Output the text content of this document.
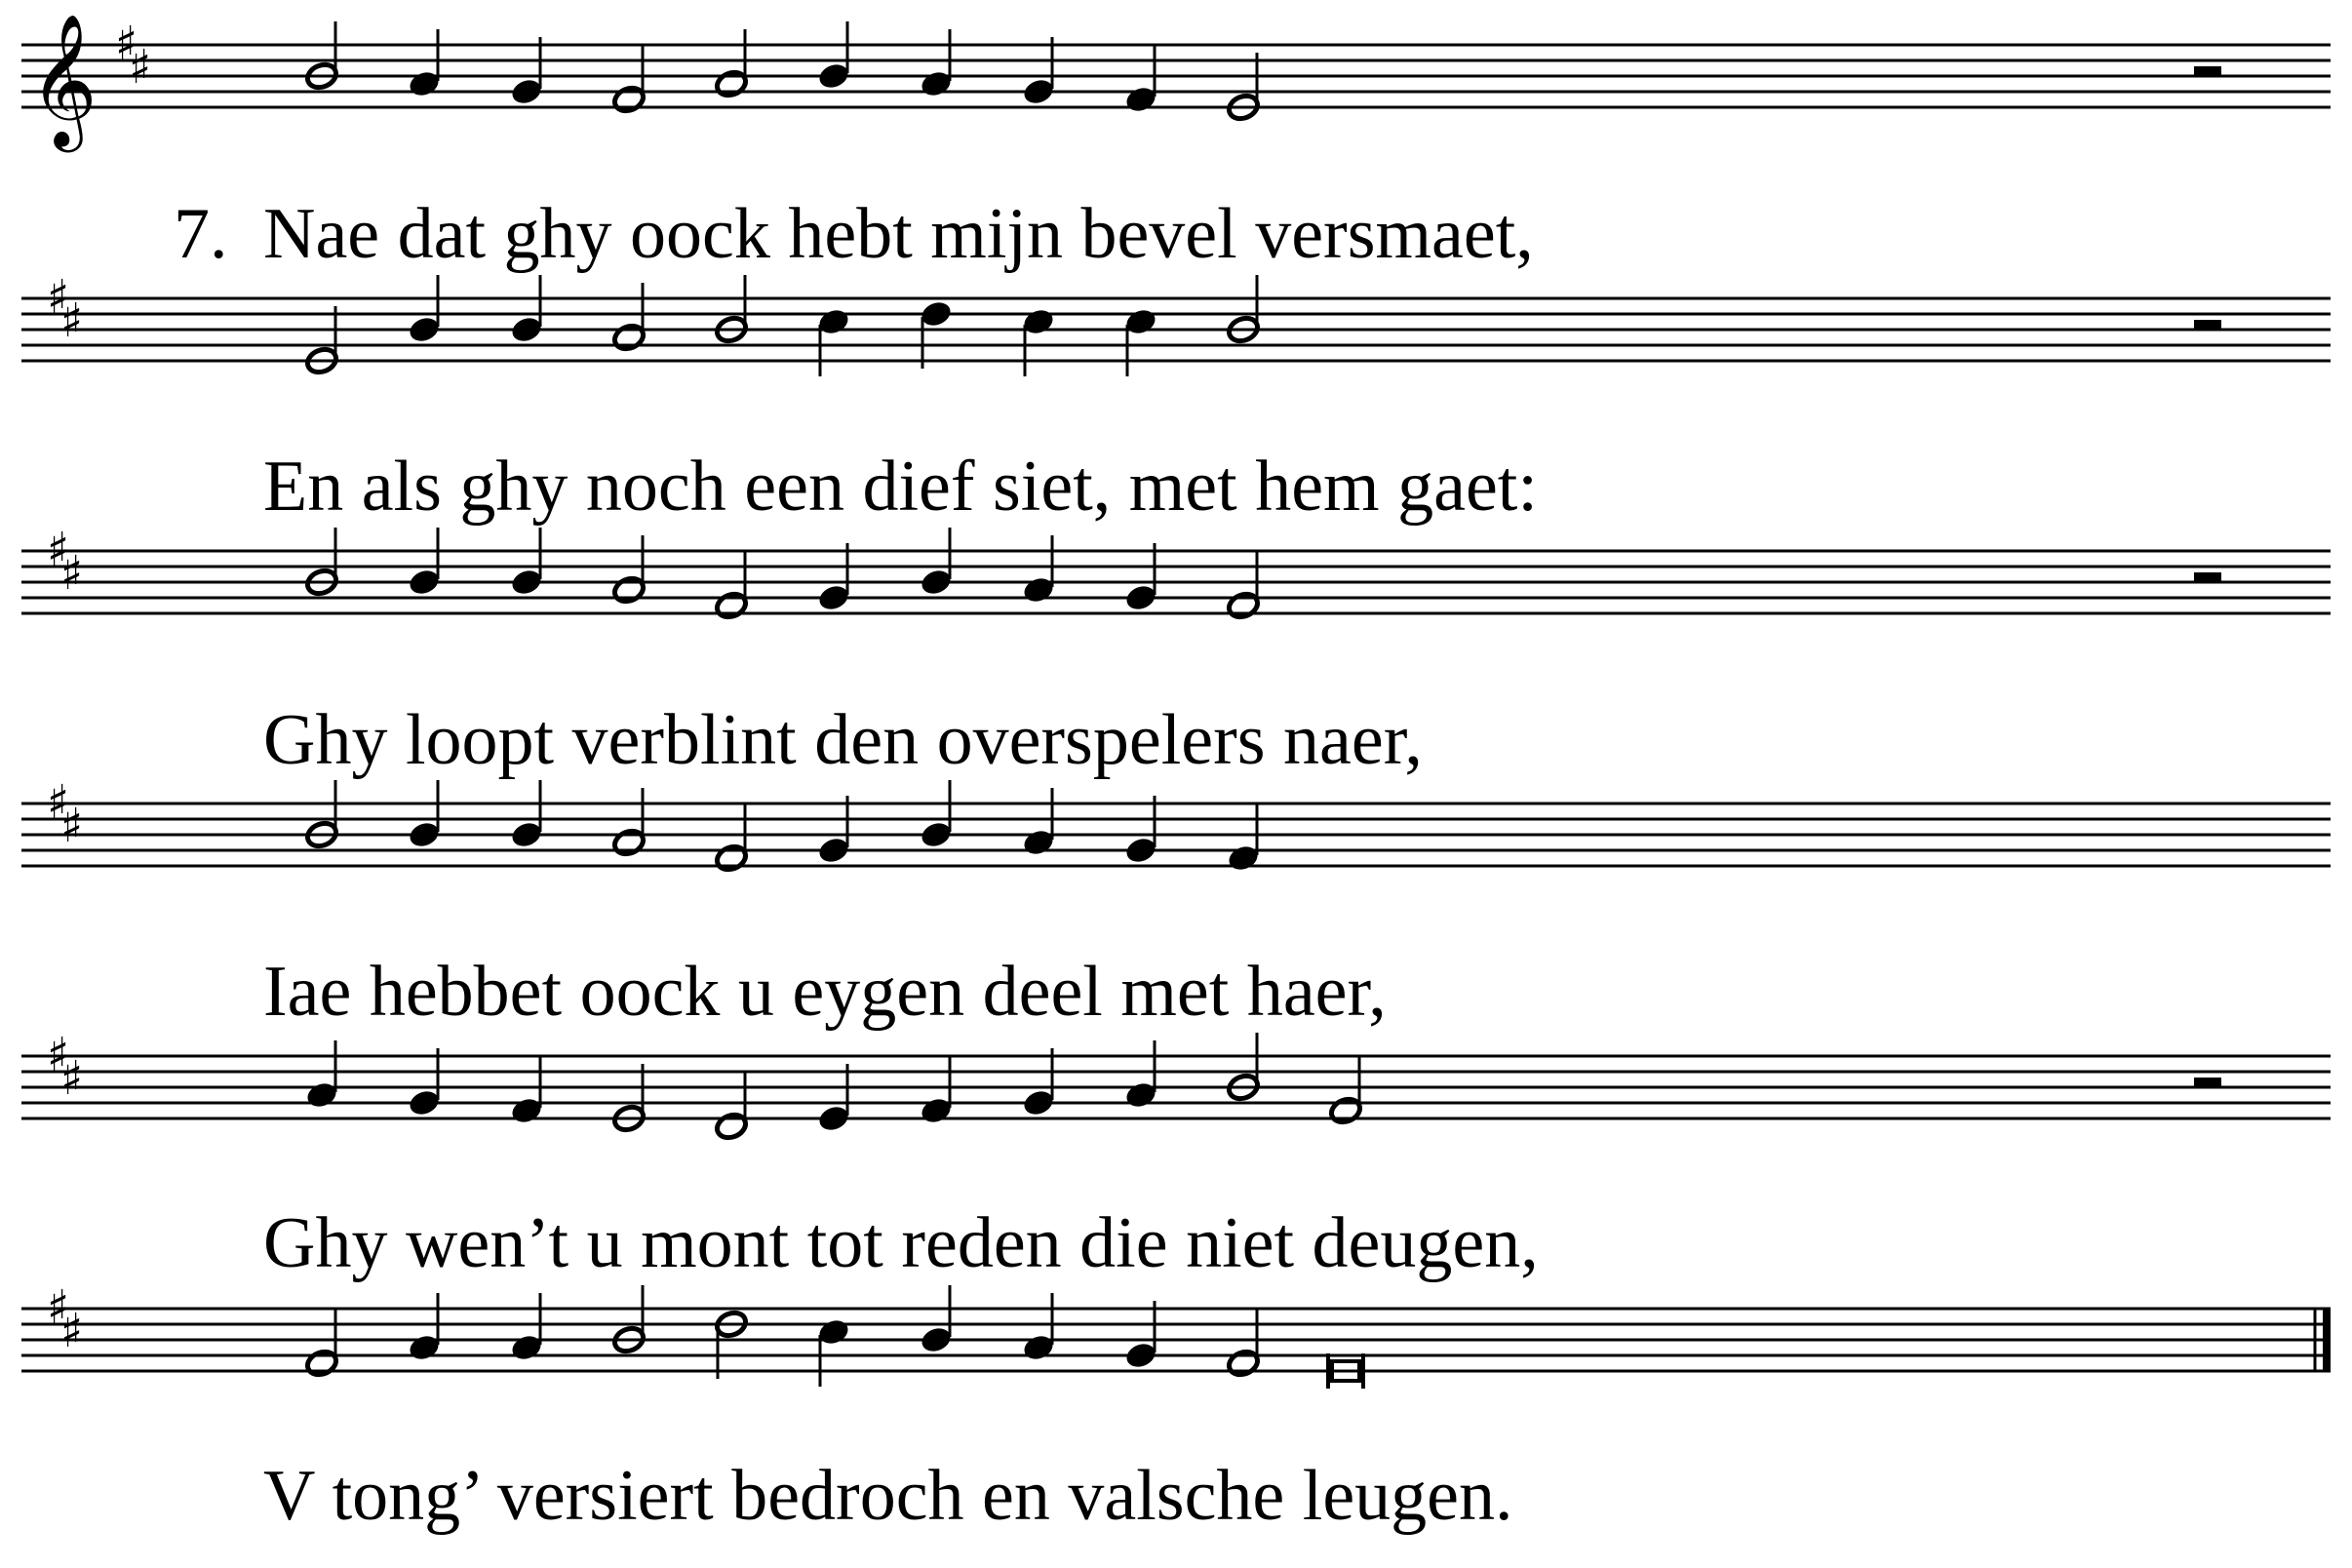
𝄞 ♯
♯
♯
♯
♯
♯
♯
♯
♯
♯
♯
♯
7. Nae dat ghy oock hebt mijn bevel versmaet,
En als ghy noch een dief siet, met hem gaet:
Ghy loopt verblint den overspelers naer,
Iae hebbet oock u eygen deel met haer,
Ghy wen’t u mont tot reden die niet deugen,
V tong’ versiert bedroch en valsche leugen.
